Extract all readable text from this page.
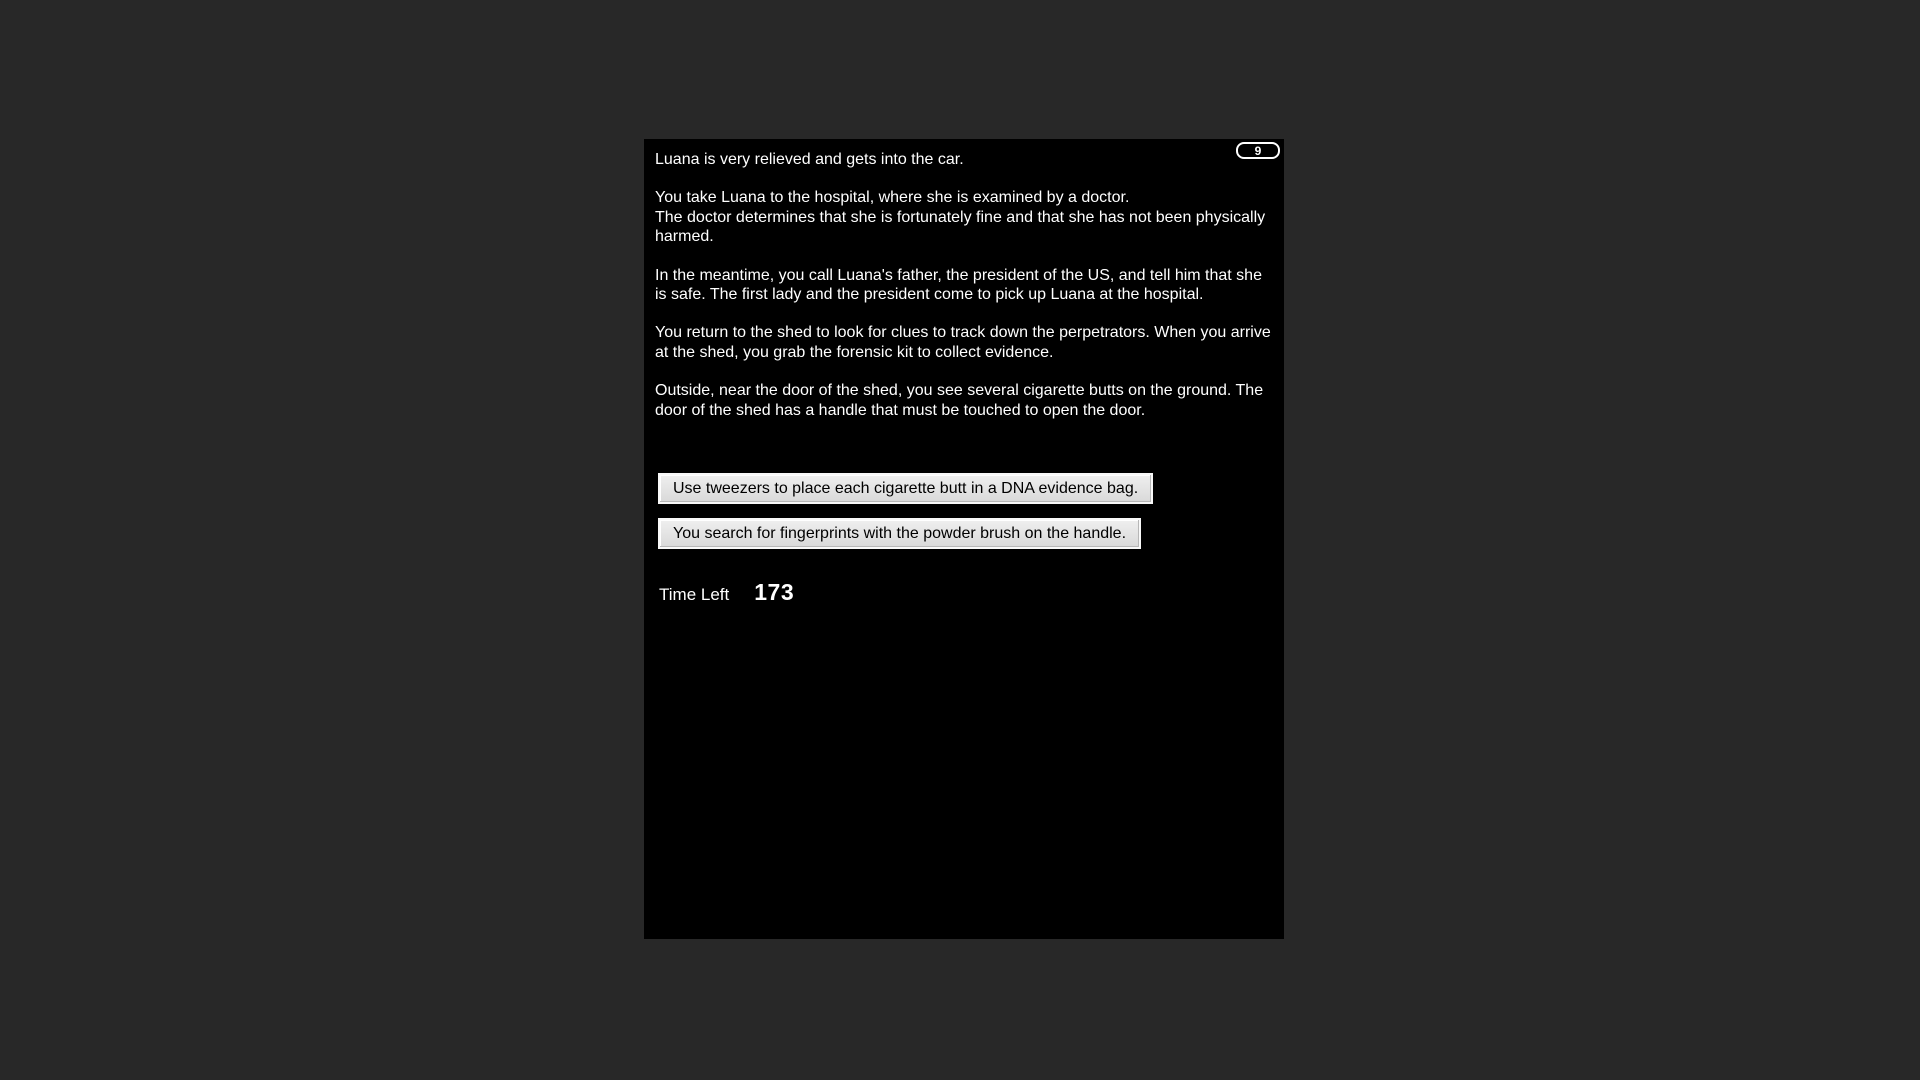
9
Luana is very relieved and gets into the car.
You take Luana to the hospital, where she is examined by a doctor.
The doctor determines that she is fortunately fine and that she has not been physically harmed.
In the meantime, you call Luana's father, the president of the US, and tell him that she is safe. The first lady and the president come to pick up Luana at the hospital.
You return to the shed to look for clues to track down the perpetrators. When you arrive at the shed, you grab the forensic kit to collect evidence.
Outside, near the door of the shed, you see several cigarette butts on the ground. The door of the shed has a handle that must be touched to open the door.
Use tweezers to place each cigarette butt in a DNA evidence bag.
You search for fingerprints with the powder brush on the handle.
Time Left 173
